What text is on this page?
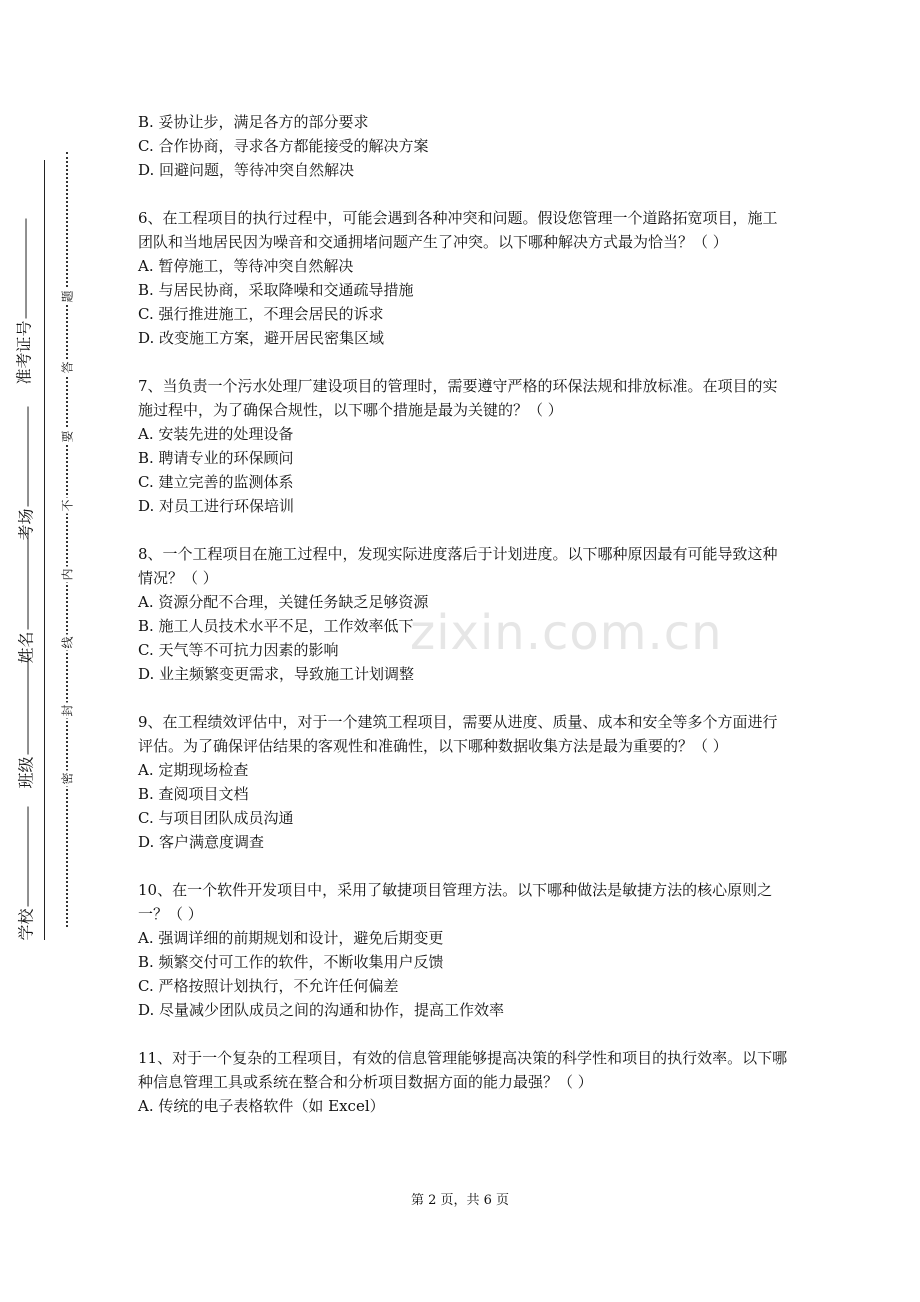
学校
班级
姓名
考场
准考证号
密
封
线
内
不
要
答
题
zixin.com.cn

B. 妥协让步，满足各方的部分要求

C. 合作协商，寻求各方都能接受的解决方案

D. 回避问题，等待冲突自然解决

6、在工程项目的执行过程中，可能会遇到各种冲突和问题。假设您管理一个道路拓宽项目，施工团队和当地居民因为噪音和交通拥堵问题产生了冲突。以下哪种解决方式最为恰当？（ ）

A. 暂停施工，等待冲突自然解决

B. 与居民协商，采取降噪和交通疏导措施

C. 强行推进施工，不理会居民的诉求

D. 改变施工方案，避开居民密集区域

7、当负责一个污水处理厂建设项目的管理时，需要遵守严格的环保法规和排放标准。在项目的实施过程中，为了确保合规性，以下哪个措施是最为关键的？（ ）

A. 安装先进的处理设备

B. 聘请专业的环保顾问

C. 建立完善的监测体系

D. 对员工进行环保培训

8、一个工程项目在施工过程中，发现实际进度落后于计划进度。以下哪种原因最有可能导致这种情况？（ ）

A. 资源分配不合理，关键任务缺乏足够资源

B. 施工人员技术水平不足，工作效率低下

C. 天气等不可抗力因素的影响

D. 业主频繁变更需求，导致施工计划调整

9、在工程绩效评估中，对于一个建筑工程项目，需要从进度、质量、成本和安全等多个方面进行评估。为了确保评估结果的客观性和准确性，以下哪种数据收集方法是最为重要的？（ ）

A. 定期现场检查

B. 查阅项目文档

C. 与项目团队成员沟通

D. 客户满意度调查

10、在一个软件开发项目中，采用了敏捷项目管理方法。以下哪种做法是敏捷方法的核心原则之一？（ ）

A. 强调详细的前期规划和设计，避免后期变更

B. 频繁交付可工作的软件，不断收集用户反馈

C. 严格按照计划执行，不允许任何偏差

D. 尽量减少团队成员之间的沟通和协作，提高工作效率

11、对于一个复杂的工程项目，有效的信息管理能够提高决策的科学性和项目的执行效率。以下哪种信息管理工具或系统在整合和分析项目数据方面的能力最强？（ ）

A. 传统的电子表格软件（如 Excel）

第 2 页，共 6 页
